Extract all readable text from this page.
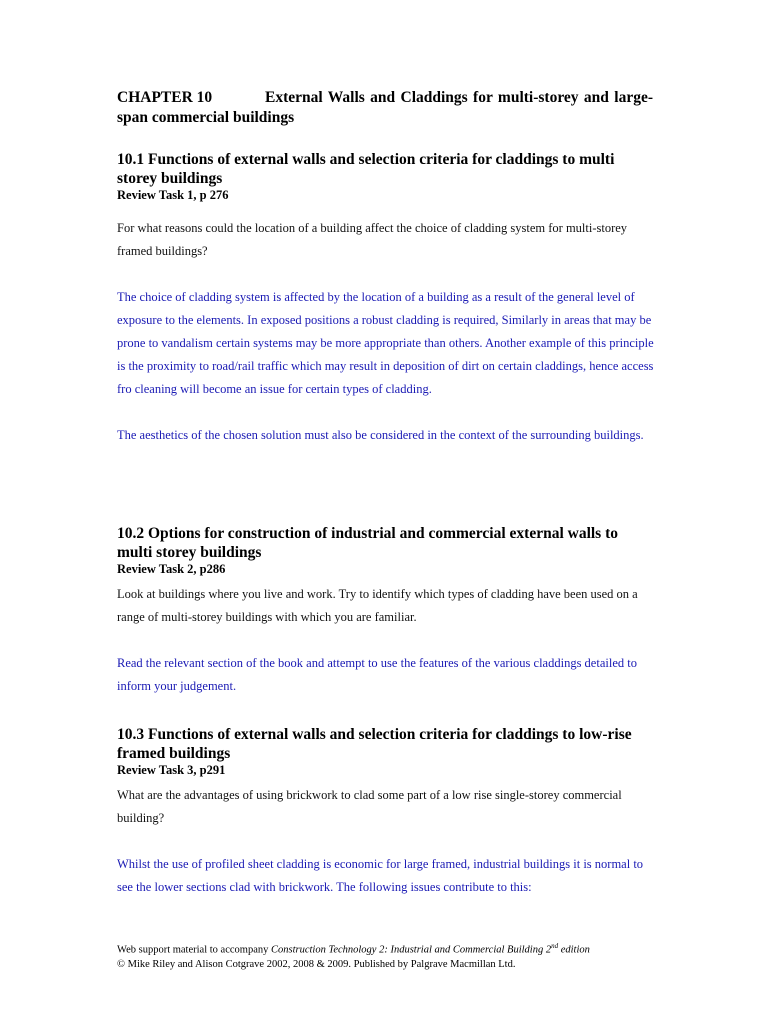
CHAPTER 10	External Walls and Claddings for multi-storey and large-span commercial buildings

10.1 Functions of external walls and selection criteria for claddings to multi storey buildings

Review Task 1, p 276

For what reasons could the location of a building affect the choice of cladding system for multi-storey framed buildings?

The choice of cladding system is affected by the location of a building as a result of the general level of exposure to the elements. In exposed positions a robust cladding is required, Similarly in areas that may be prone to vandalism certain systems may be more appropriate than others. Another example of this principle is the proximity to road/rail traffic which may result in deposition of dirt on certain claddings, hence access fro cleaning will become an issue for certain types of cladding.

The aesthetics of the chosen solution must also be considered in the context of the surrounding buildings.

10.2 Options for construction of industrial and commercial external walls to multi storey buildings

Review Task 2, p286

Look at buildings where you live and work. Try to identify which types of cladding have been used on a range of multi-storey buildings with which you are familiar.

Read the relevant section of the book and attempt to use the features of the various claddings detailed to inform your judgement.

10.3 Functions of external walls and selection criteria for claddings to low-rise framed buildings

Review Task 3, p291

What are the advantages of using brickwork to clad some part of a low rise single-storey commercial building?

Whilst the use of profiled sheet cladding is economic for large framed, industrial buildings it is normal to see the lower sections clad with brickwork. The following issues contribute to this:

Web support material to accompany Construction Technology 2: Industrial and Commercial Building 2nd edition
© Mike Riley and Alison Cotgrave 2002, 2008 & 2009. Published by Palgrave Macmillan Ltd.
